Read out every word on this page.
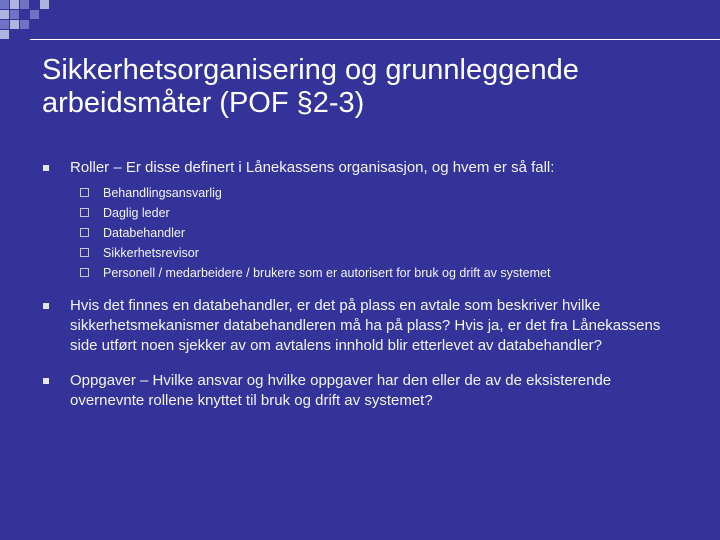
Sikkerhetsorganisering og grunnleggende
arbeidsmåter (POF §2-3)
Roller – Er disse definert i Lånekassens organisasjon, og hvem er så fall:
Behandlingsansvarlig
Daglig leder
Databehandler
Sikkerhetsrevisor
Personell / medarbeidere / brukere som er autorisert for bruk og drift av systemet
Hvis det finnes en databehandler, er det på plass en avtale som beskriver hvilke sikkerhetsmekanismer databehandleren må ha på plass? Hvis ja, er det fra Lånekassens side utført noen sjekker av om avtalens innhold blir etterlevet av databehandler?
Oppgaver – Hvilke ansvar og hvilke oppgaver har den eller de av de eksisterende overnevnte rollene knyttet til bruk og drift av systemet?
